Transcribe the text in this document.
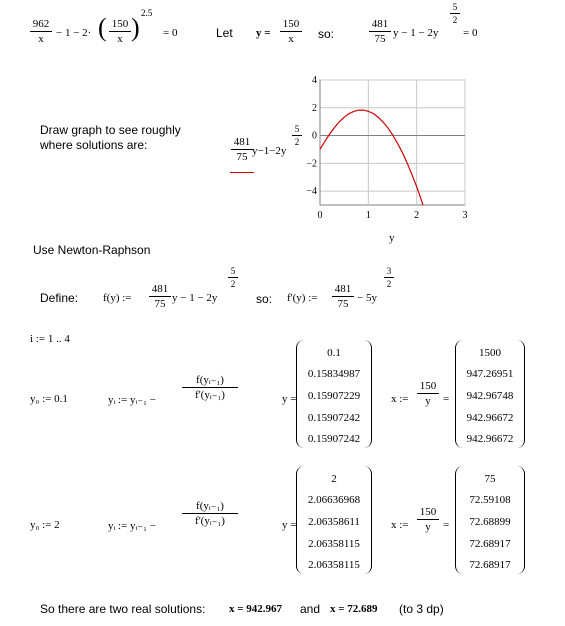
962
x	− 1 − 2· ( 150
x ) 2.5
= 0	Let y =
150
x	so:
481
75 y − 1 − 2y
5
2
= 0
Draw graph to see roughly
where solutions are:	481
75 y−1−2y
5
2
0	1	2	3
4
2
0
−2
−4
y
Use Newton-Raphson
Define: f(y) :=
481
75 y − 1 − 2y
5
2
so: f'(y) :=
481
75 − 5y
3
2
i := 1 .. 4
y₀ := 0.1	yᵢ := yᵢ₋₁ −
f(yᵢ₋₁)
f'(yᵢ₋₁)	y =
0.1
0.15834987
0.15907229
0.15907242
0.15907242
x :=
150
y	=
1500
947.26951
942.96748
942.96672
942.96672
y₀ := 2	yᵢ := yᵢ₋₁ −
f(yᵢ₋₁)
f'(yᵢ₋₁)	y =
2
2.06636968
2.06358611
2.06358115
2.06358115
x :=
150
y	=
75
72.59108
72.68899
72.68917
72.68917
So there are two real solutions: x = 942.967 and x = 72.689 (to 3 dp)
